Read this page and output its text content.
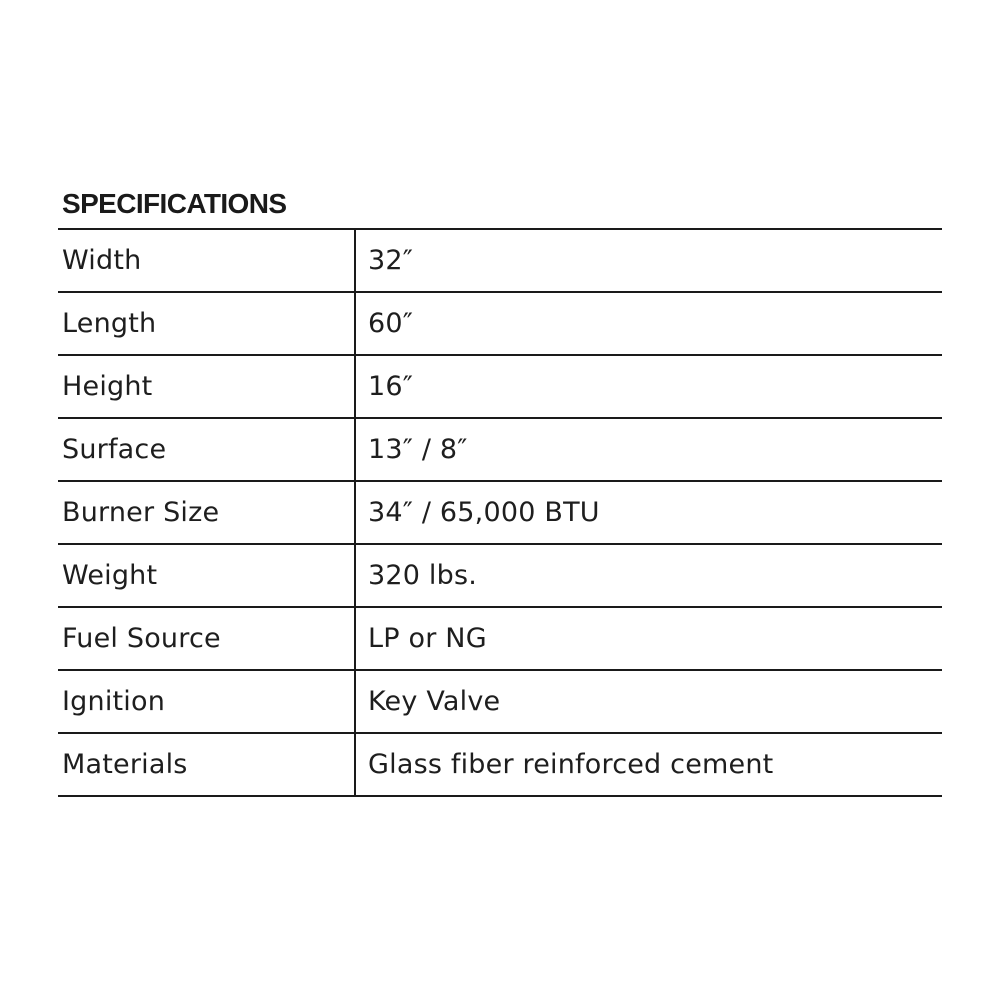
SPECIFICATIONS
Width	32″
Length	60″
Height	16″
Surface	13″ / 8″
Burner Size	34″ / 65,000 BTU
Weight	320 lbs.
Fuel Source	LP or NG
Ignition	Key Valve
Materials	Glass fiber reinforced cement
